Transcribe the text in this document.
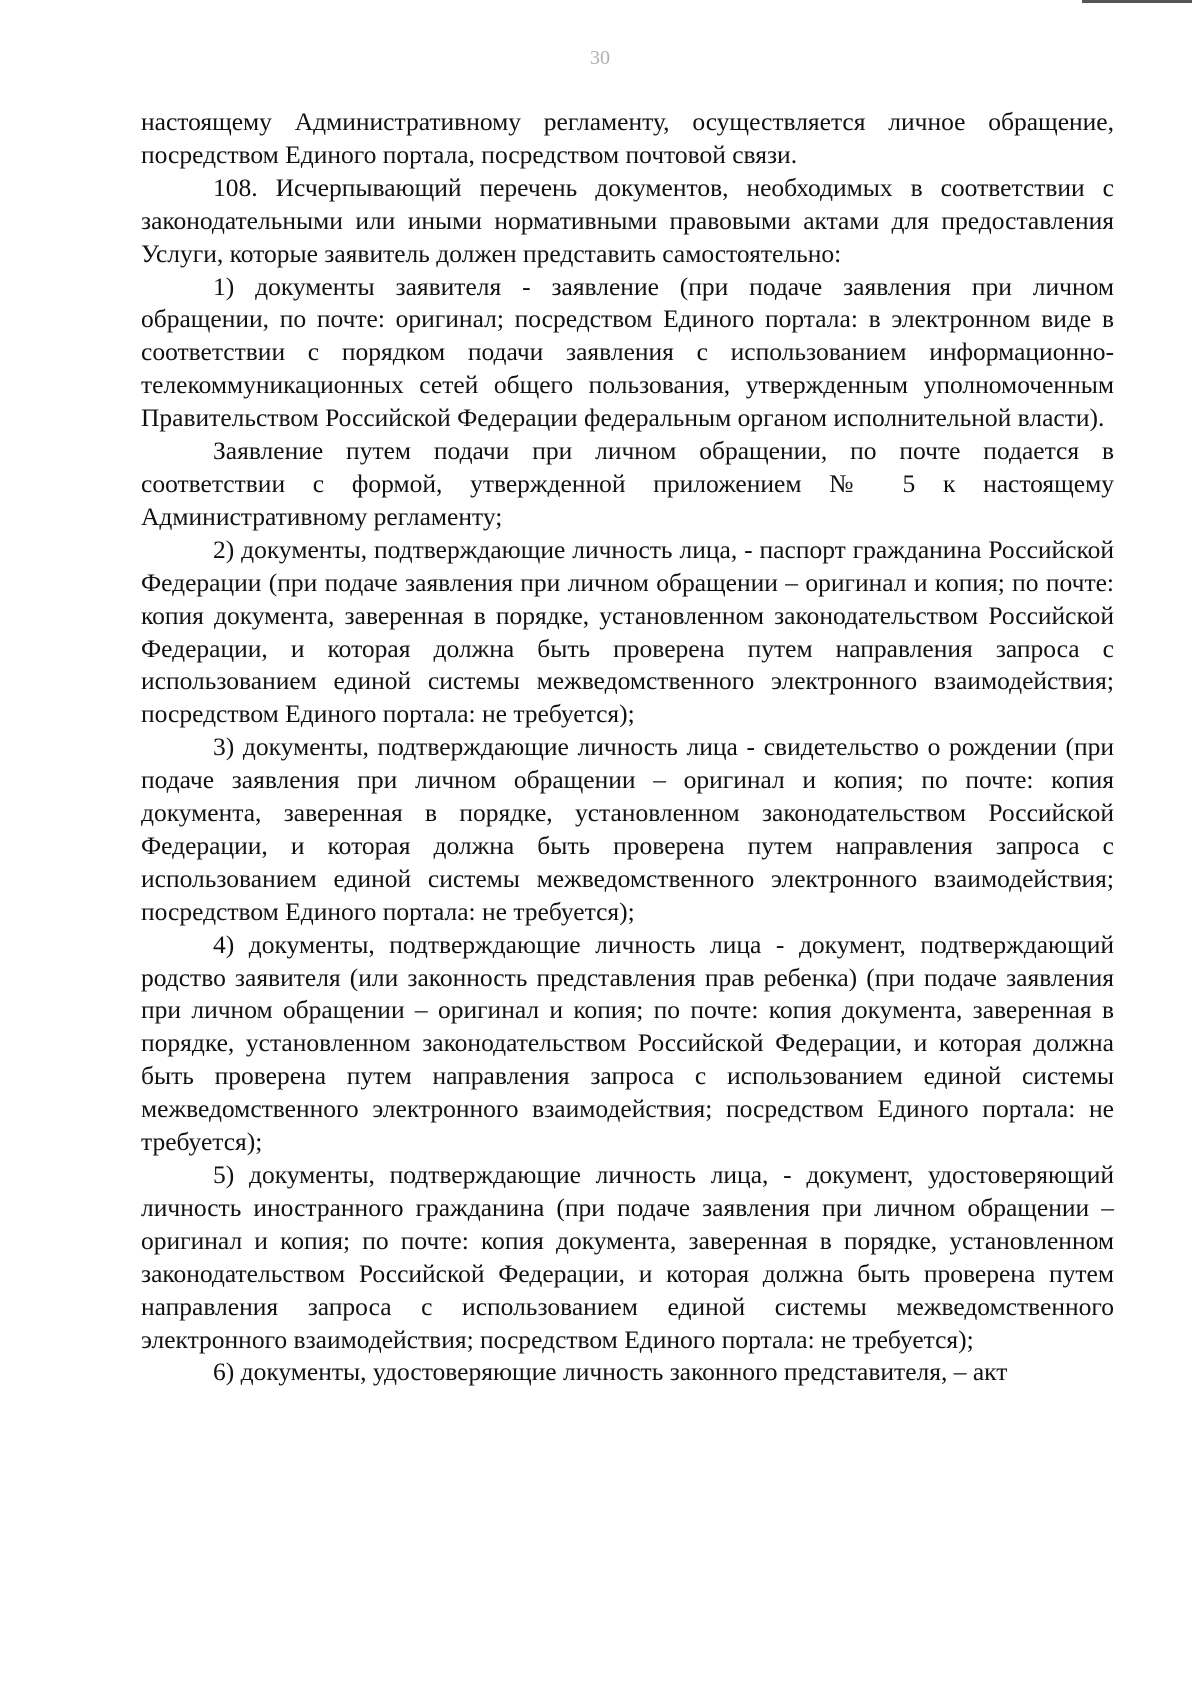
30

настоящему Административному регламенту, осуществляется личное обращение, посредством Единого портала, посредством почтовой связи.

108. Исчерпывающий перечень документов, необходимых в соответствии с законодательными или иными нормативными правовыми актами для предоставления Услуги, которые заявитель должен представить самостоятельно:

1) документы заявителя - заявление (при подаче заявления при личном обращении, по почте: оригинал; посредством Единого портала: в электронном виде в соответствии с порядком подачи заявления с использованием информационно-телекоммуникационных сетей общего пользования, утвержденным уполномоченным Правительством Российской Федерации федеральным органом исполнительной власти).

Заявление путем подачи при личном обращении, по почте подается в соответствии с формой, утвержденной приложением № 5 к настоящему Административному регламенту;

2) документы, подтверждающие личность лица, - паспорт гражданина Российской Федерации (при подаче заявления при личном обращении – оригинал и копия; по почте: копия документа, заверенная в порядке, установленном законодательством Российской Федерации, и которая должна быть проверена путем направления запроса с использованием единой системы межведомственного электронного взаимодействия; посредством Единого портала: не требуется);

3) документы, подтверждающие личность лица - свидетельство о рождении (при подаче заявления при личном обращении – оригинал и копия; по почте: копия документа, заверенная в порядке, установленном законодательством Российской Федерации, и которая должна быть проверена путем направления запроса с использованием единой системы межведомственного электронного взаимодействия; посредством Единого портала: не требуется);

4) документы, подтверждающие личность лица - документ, подтверждающий родство заявителя (или законность представления прав ребенка) (при подаче заявления при личном обращении – оригинал и копия; по почте: копия документа, заверенная в порядке, установленном законодательством Российской Федерации, и которая должна быть проверена путем направления запроса с использованием единой системы межведомственного электронного взаимодействия; посредством Единого портала: не требуется);

5) документы, подтверждающие личность лица, - документ, удостоверяющий личность иностранного гражданина (при подаче заявления при личном обращении – оригинал и копия; по почте: копия документа, заверенная в порядке, установленном законодательством Российской Федерации, и которая должна быть проверена путем направления запроса с использованием единой системы межведомственного электронного взаимодействия; посредством Единого портала: не требуется);

6) документы, удостоверяющие личность законного представителя, – акт
